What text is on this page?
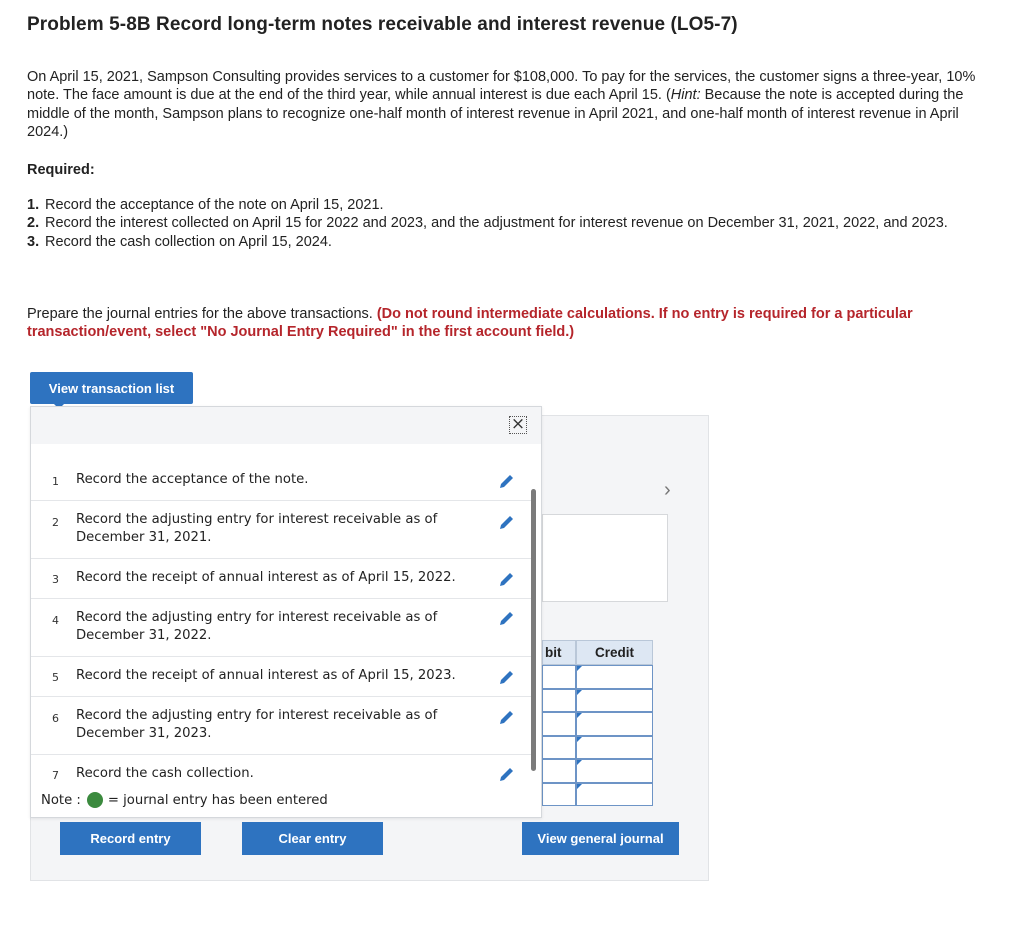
Problem 5-8B Record long-term notes receivable and interest revenue (LO5-7)

On April 15, 2021, Sampson Consulting provides services to a customer for $108,000. To pay for the services, the customer signs a three-year, 10% note. The face amount is due at the end of the third year, while annual interest is due each April 15. (Hint: Because the note is accepted during the middle of the month, Sampson plans to recognize one-half month of interest revenue in April 2021, and one-half month of interest revenue in April 2024.)

Required:

1. Record the acceptance of the note on April 15, 2021.
2. Record the interest collected on April 15 for 2022 and 2023, and the adjustment for interest revenue on December 31, 2021, 2022, and 2023.
3. Record the cash collection on April 15, 2024.

Prepare the journal entries for the above transactions. (Do not round intermediate calculations. If no entry is required for a particular transaction/event, select "No Journal Entry Required" in the first account field.)

View transaction list
›
bit	Credit
View general journal
×
1 Record the acceptance of the note.
2 Record the adjusting entry for interest receivable as of December 31, 2021.
3 Record the receipt of annual interest as of April 15, 2022.
4 Record the adjusting entry for interest receivable as of December 31, 2022.
5 Record the receipt of annual interest as of April 15, 2023.
6 Record the adjusting entry for interest receivable as of December 31, 2023.
7 Record the cash collection.
Note : = journal entry has been entered
Record entry	Clear entry
